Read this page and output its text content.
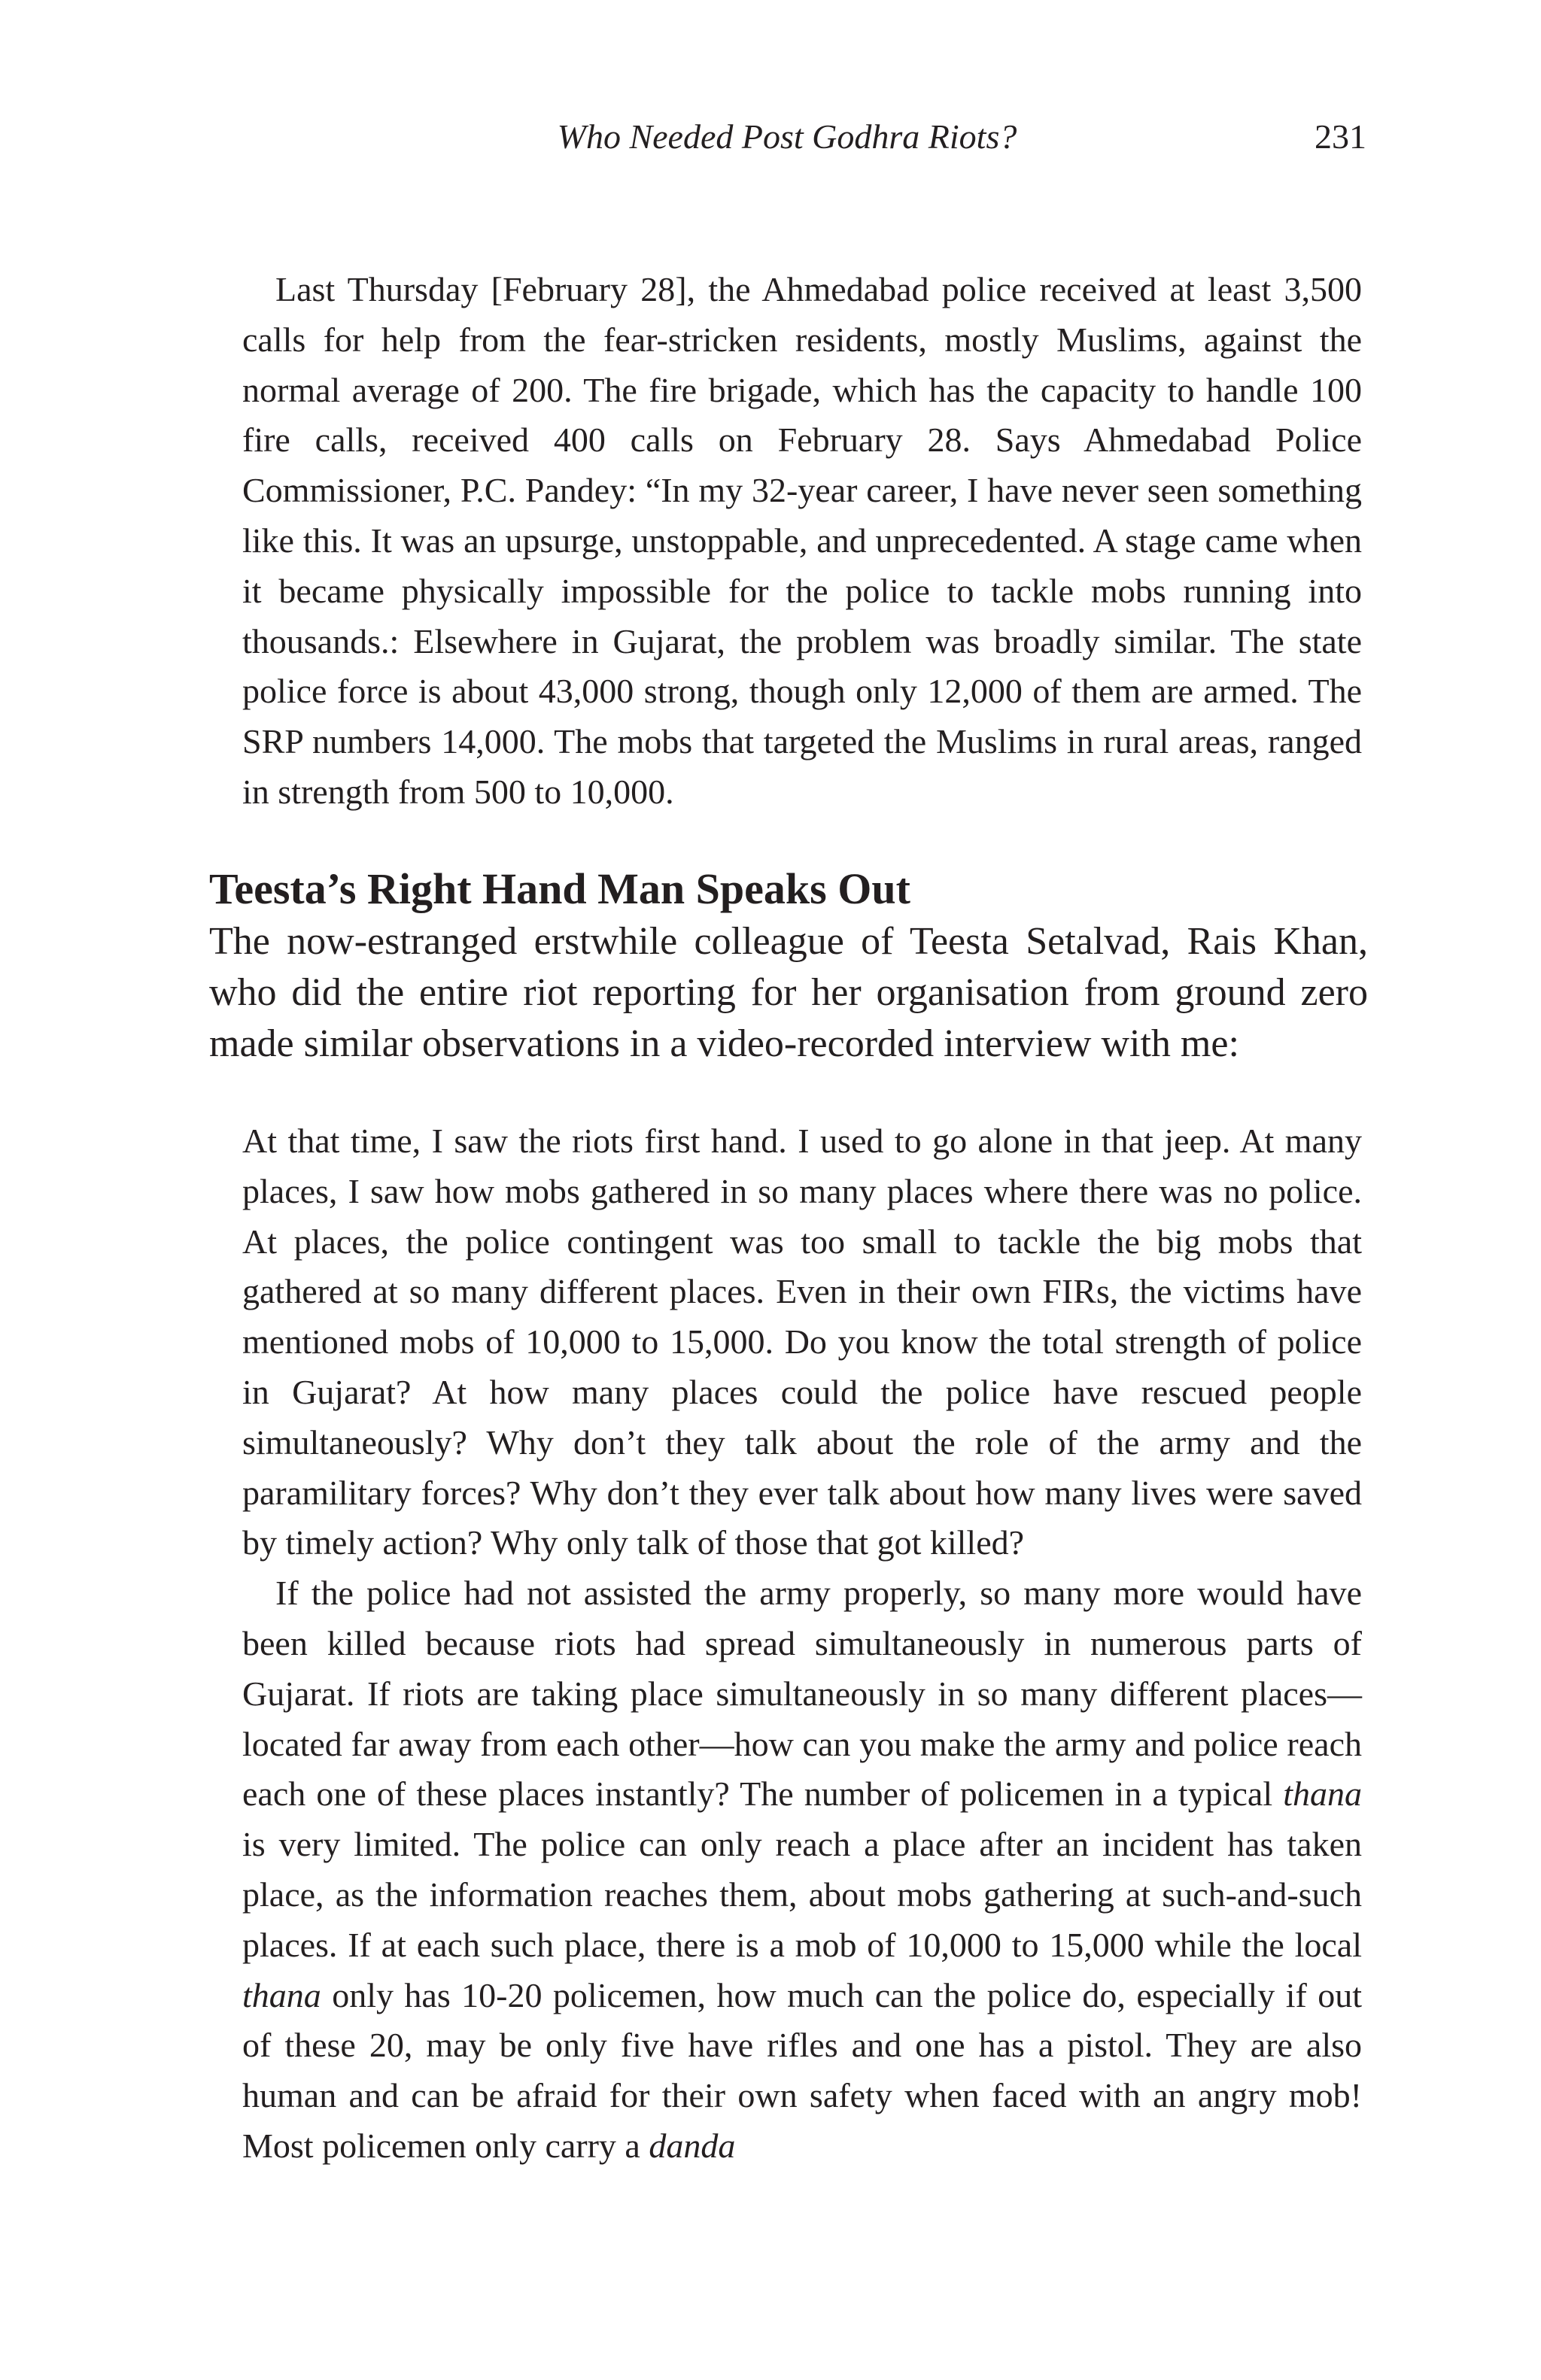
Who Needed Post Godhra Riots?	231
Last Thursday [February 28], the Ahmedabad police received at least 3,500 calls for help from the fear-stricken residents, mostly Muslims, against the normal average of 200. The fire brigade, which has the capacity to handle 100 fire calls, received 400 calls on February 28. Says Ahmedabad Police Commissioner, P.C. Pandey: “In my 32-year career, I have never seen something like this. It was an upsurge, unstoppable, and unprecedented. A stage came when it became physically impossible for the police to tackle mobs running into thousands.: Elsewhere in Gujarat, the problem was broadly similar. The state police force is about 43,000 strong, though only 12,000 of them are armed. The SRP numbers 14,000. The mobs that targeted the Muslims in rural areas, ranged in strength from 500 to 10,000.
Teesta’s Right Hand Man Speaks Out
The now-estranged erstwhile colleague of Teesta Setalvad, Rais Khan, who did the entire riot reporting for her organisation from ground zero made similar observations in a video-recorded interview with me:

At that time, I saw the riots first hand. I used to go alone in that jeep. At many places, I saw how mobs gathered in so many places where there was no police. At places, the police contingent was too small to tackle the big mobs that gathered at so many different places. Even in their own FIRs, the victims have mentioned mobs of 10,000 to 15,000. Do you know the total strength of police in Gujarat? At how many places could the police have rescued people simultaneously? Why don’t they talk about the role of the army and the paramilitary forces? Why don’t they ever talk about how many lives were saved by timely action? Why only talk of those that got killed?

If the police had not assisted the army properly, so many more would have been killed because riots had spread simultaneously in numerous parts of Gujarat. If riots are taking place simultaneously in so many different places—located far away from each other—how can you make the army and police reach each one of these places instantly? The number of policemen in a typical thana is very limited. The police can only reach a place after an incident has taken place, as the information reaches them, about mobs gathering at such-and-such places. If at each such place, there is a mob of 10,000 to 15,000 while the local thana only has 10-20 policemen, how much can the police do, especially if out of these 20, may be only five have rifles and one has a pistol. They are also human and can be afraid for their own safety when faced with an angry mob! Most policemen only carry a danda
